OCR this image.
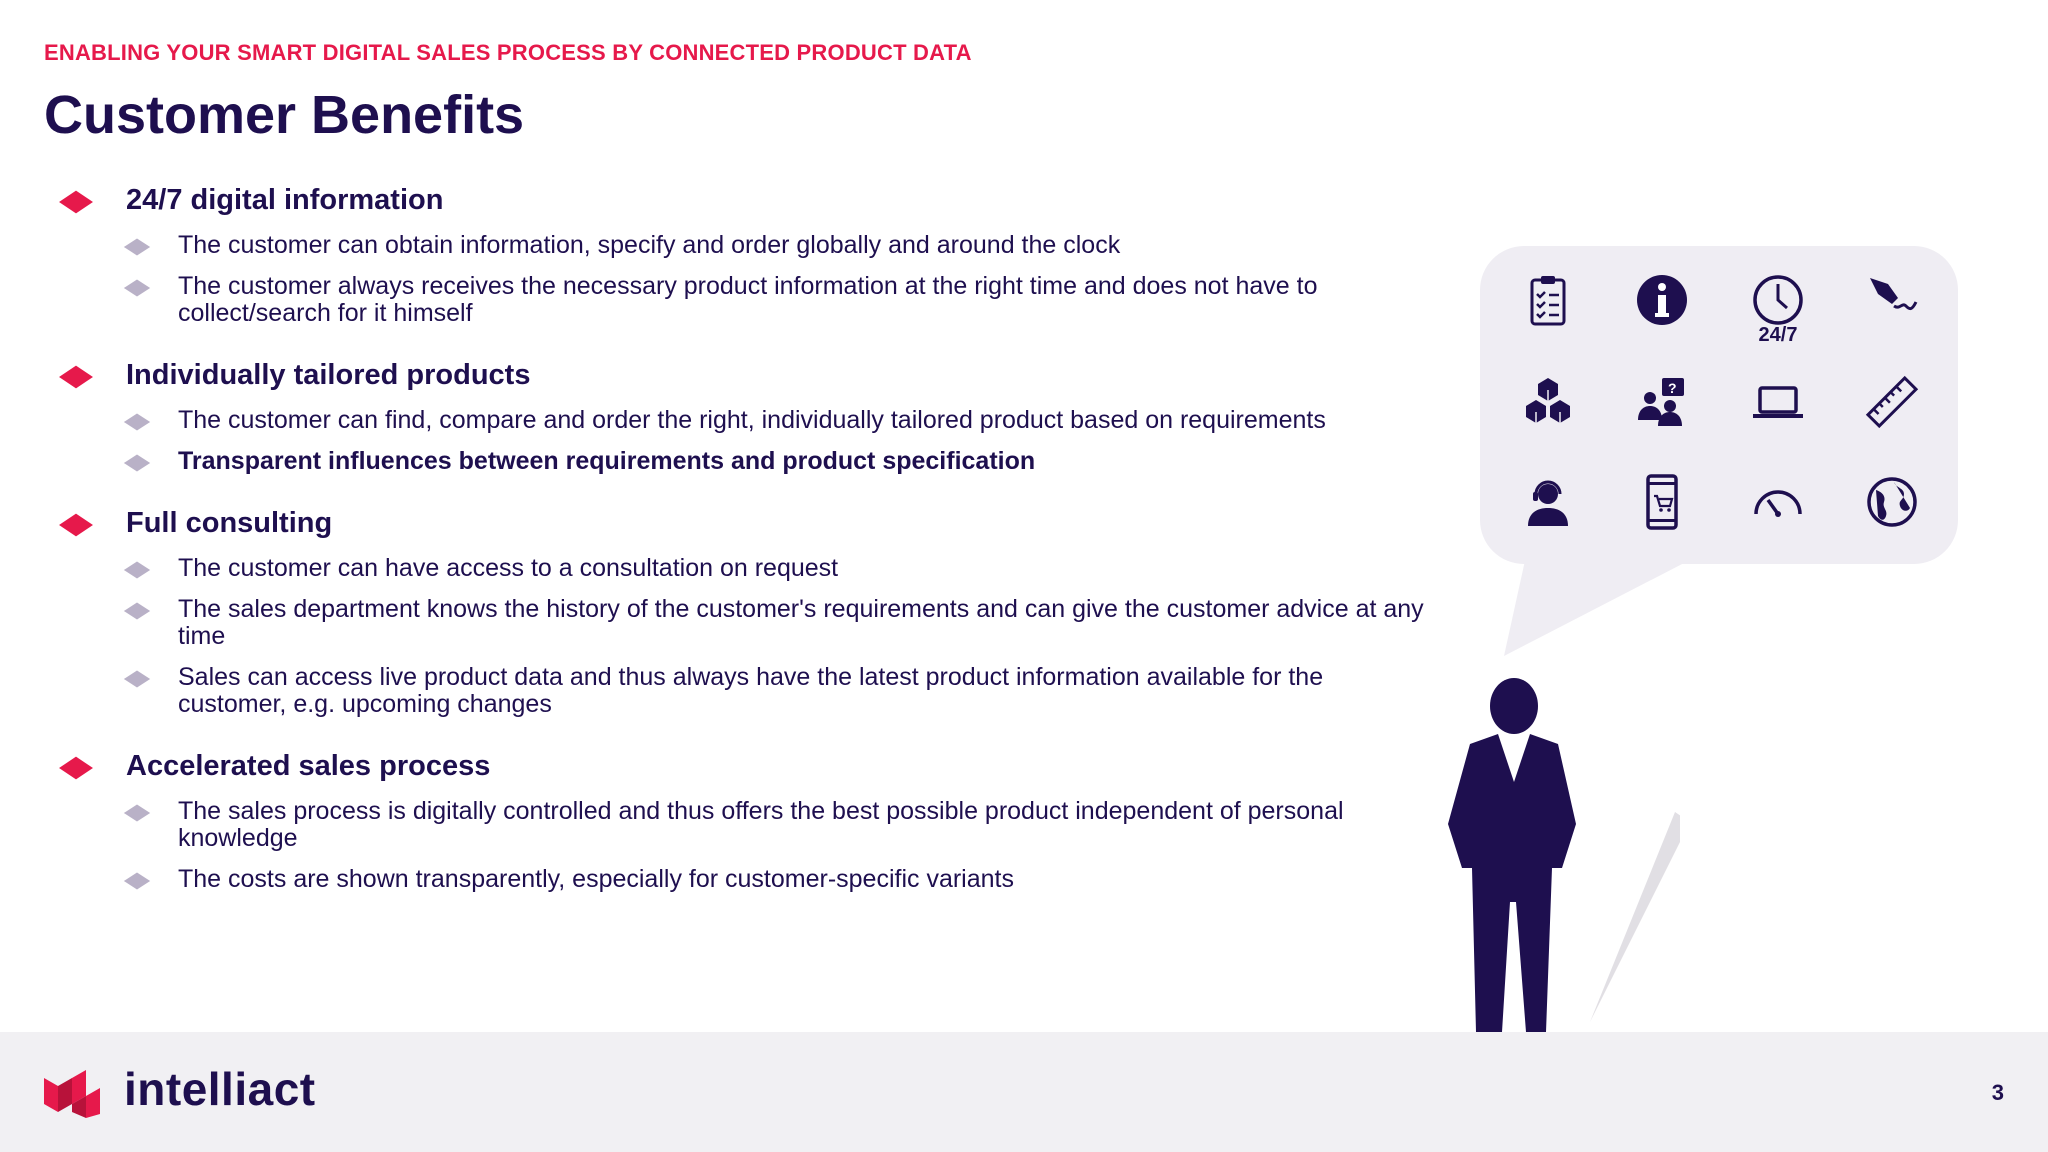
ENABLING YOUR SMART DIGITAL SALES PROCESS BY CONNECTED PRODUCT DATA
Customer Benefits
24/7 digital information
The customer can obtain information, specify and order globally and around the clock
The customer always receives the necessary product information at the right time and does not have to collect/search for it himself
Individually tailored products
The customer can find, compare and order the right, individually tailored product based on requirements
Transparent influences between requirements and product specification
Full consulting
The customer can have access to a consultation on request
The sales department knows the history of the customer's requirements and can give the customer advice at any time
Sales can access live product data and thus always have the latest product information available for the customer, e.g. upcoming changes
Accelerated sales process
The sales process is digitally controlled and thus offers the best possible product independent of personal knowledge
The costs are shown transparently, especially for customer-specific variants
24/7
?
intelliact	3
